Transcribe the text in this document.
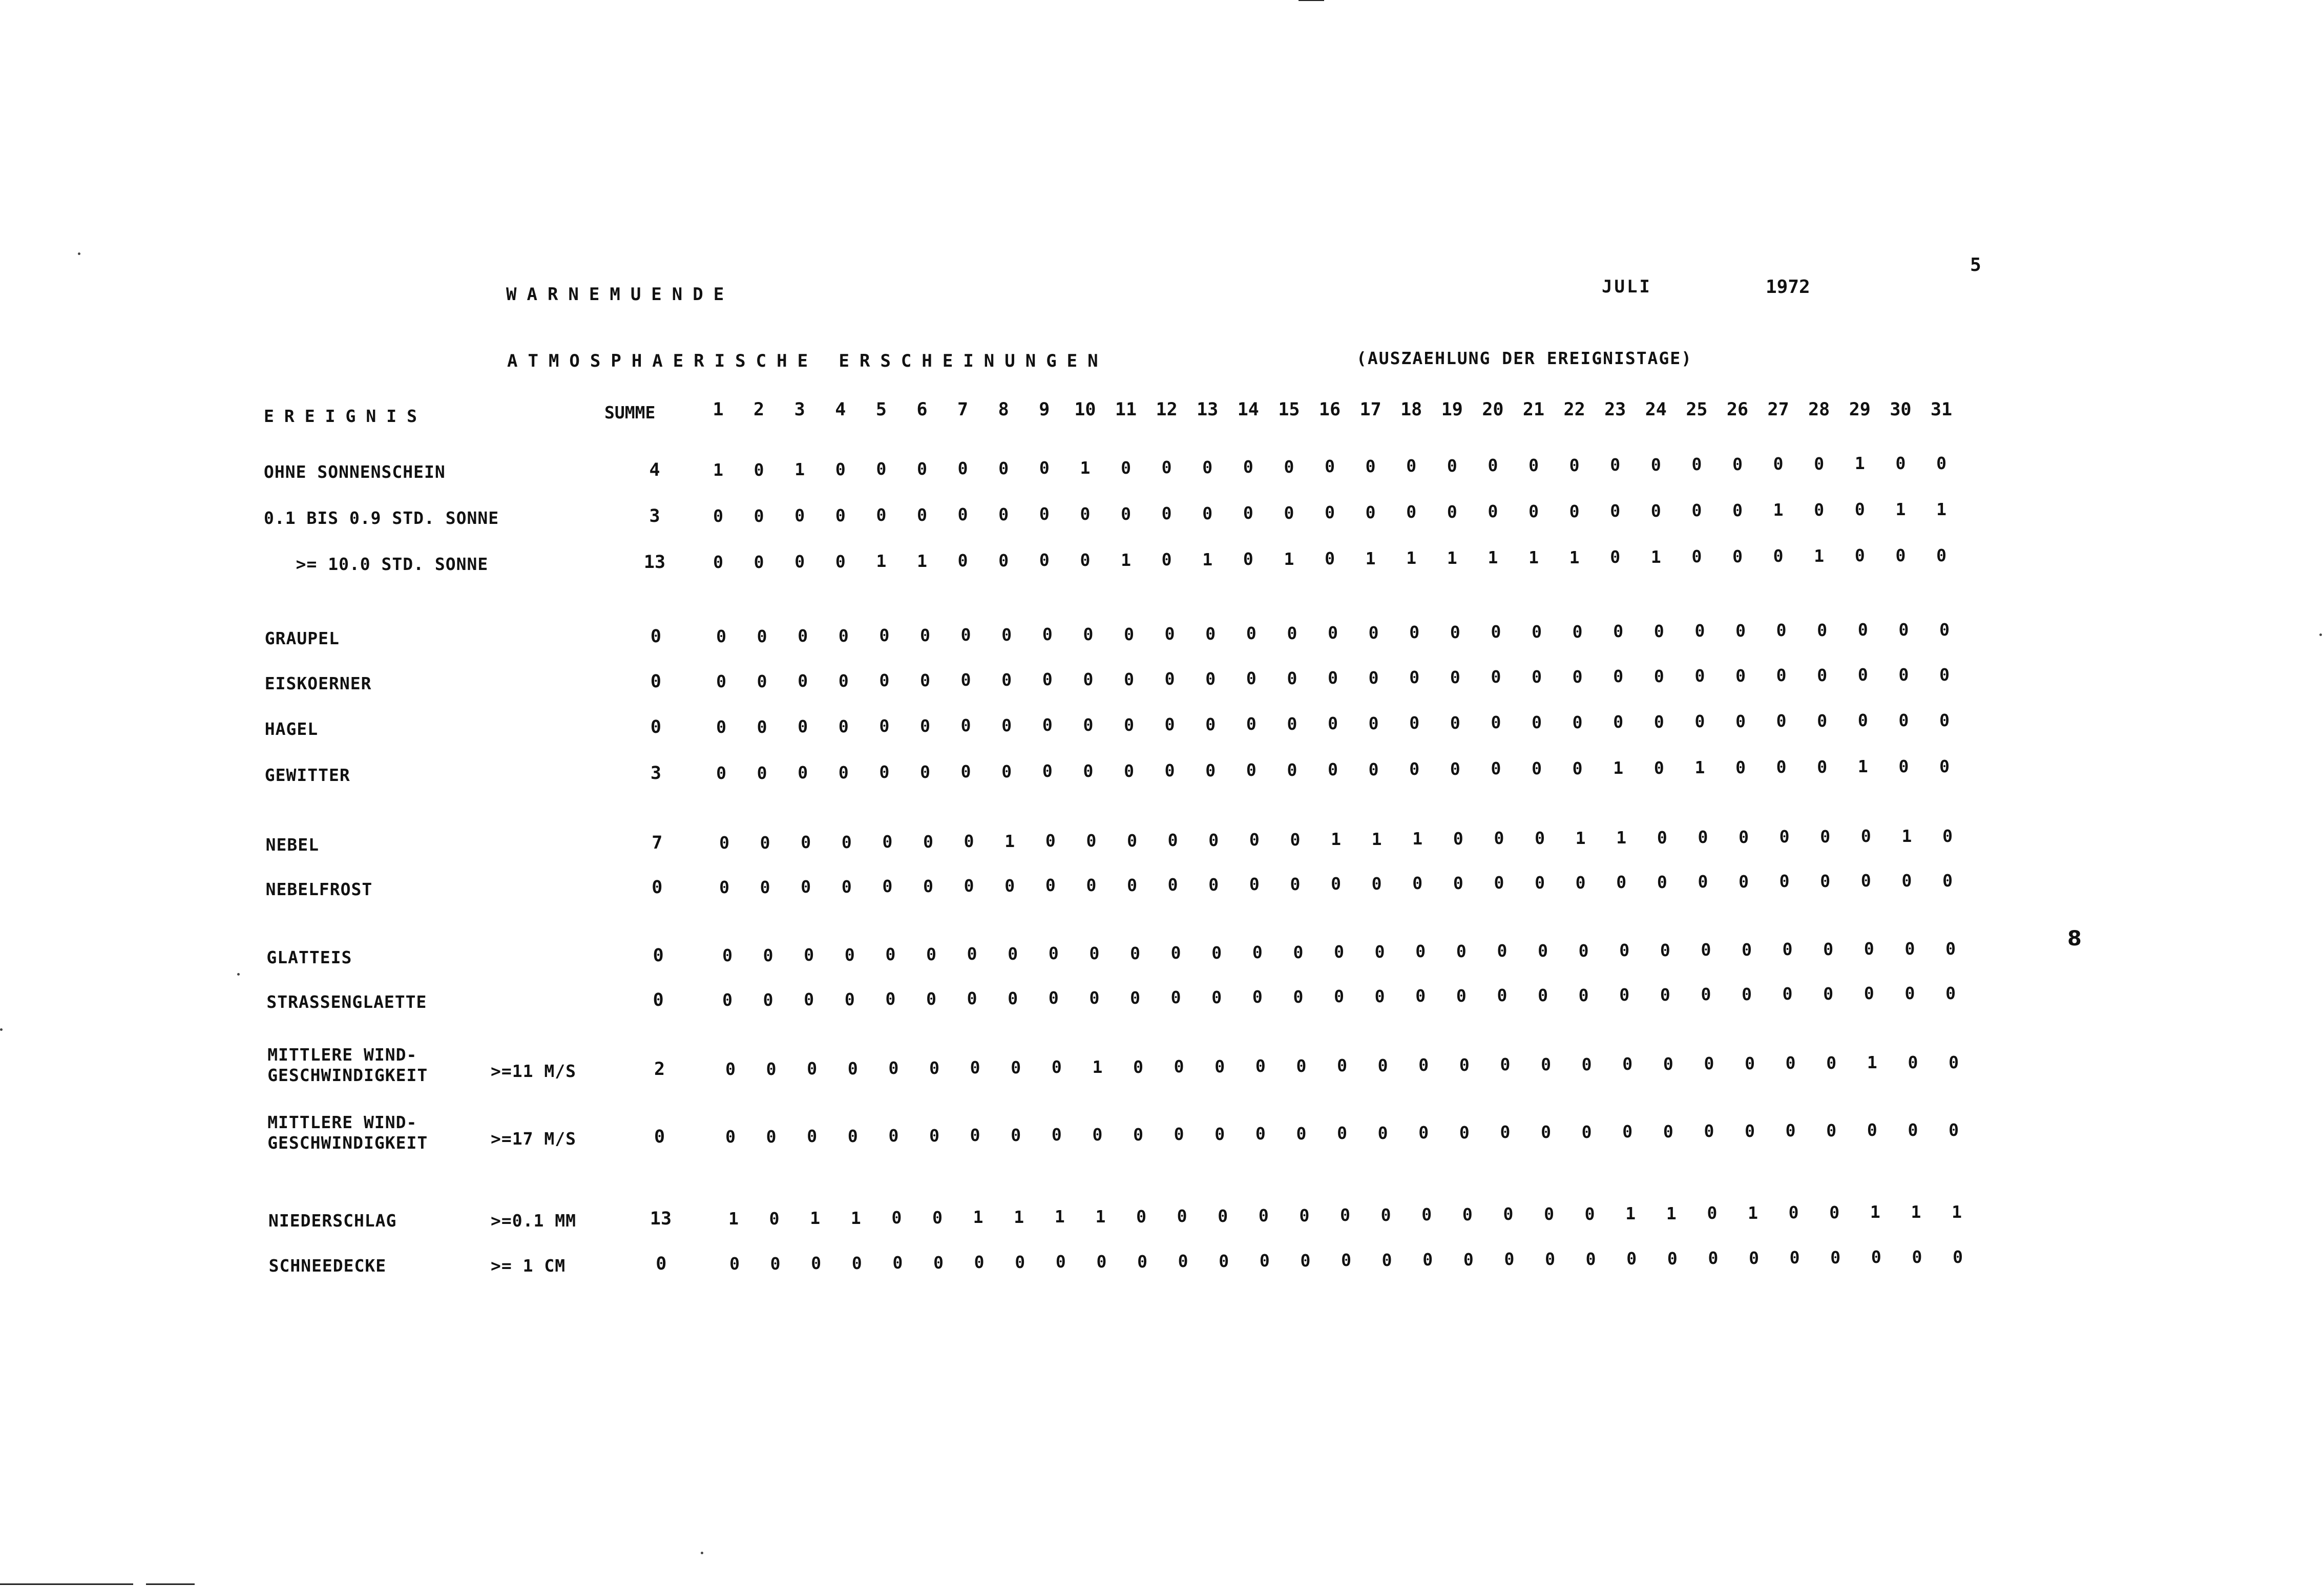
WARNEMUENDE	JULI	1972
5
ATMOSPHAERISCHE ERSCHEINUNGEN	(AUSZAEHLUNG DER EREIGNISTAGE)
EREIGNIS	SUMME
8
1	2	3	4	5	6	7	8	9	10	11	12	13	14	15	16	17	18	19	20	21	22	23	24	25	26	27	28	29	30	31
OHNE SONNENSCHEIN	4	1	0	1	0	0	0	0	0	0	1	0	0	0	0	0	0	0	0	0	0	0	0	0	0	0	0	0	0	1	0	0
0.1 BIS 0.9 STD. SONNE	3	0	0	0	0	0	0	0	0	0	0	0	0	0	0	0	0	0	0	0	0	0	0	0	0	0	0	1	0	0	1	1
>= 10.0 STD. SONNE	13	0	0	0	0	1	1	0	0	0	0	1	0	1	0	1	0	1	1	1	1	1	1	0	1	0	0	0	1	0	0	0
GRAUPEL	0	0	0	0	0	0	0	0	0	0	0	0	0	0	0	0	0	0	0	0	0	0	0	0	0	0	0	0	0	0	0	0
EISKOERNER	0	0	0	0	0	0	0	0	0	0	0	0	0	0	0	0	0	0	0	0	0	0	0	0	0	0	0	0	0	0	0	0
HAGEL	0	0	0	0	0	0	0	0	0	0	0	0	0	0	0	0	0	0	0	0	0	0	0	0	0	0	0	0	0	0	0	0
GEWITTER	3	0	0	0	0	0	0	0	0	0	0	0	0	0	0	0	0	0	0	0	0	0	0	1	0	1	0	0	0	1	0	0
NEBEL	7	0	0	0	0	0	0	0	1	0	0	0	0	0	0	0	1	1	1	0	0	0	1	1	0	0	0	0	0	0	1	0
NEBELFROST	0	0	0	0	0	0	0	0	0	0	0	0	0	0	0	0	0	0	0	0	0	0	0	0	0	0	0	0	0	0	0	0
GLATTEIS	0	0	0	0	0	0	0	0	0	0	0	0	0	0	0	0	0	0	0	0	0	0	0	0	0	0	0	0	0	0	0	0
STRASSENGLAETTE	0	0	0	0	0	0	0	0	0	0	0	0	0	0	0	0	0	0	0	0	0	0	0	0	0	0	0	0	0	0	0	0
MITTLERE WIND-
GESCHWINDIGKEIT	>=11 M/S	2	0	0	0	0	0	0	0	0	0	1	0	0	0	0	0	0	0	0	0	0	0	0	0	0	0	0	0	0	1	0	0
MITTLERE WIND-
GESCHWINDIGKEIT	>=17 M/S	0	0	0	0	0	0	0	0	0	0	0	0	0	0	0	0	0	0	0	0	0	0	0	0	0	0	0	0	0	0	0	0
NIEDERSCHLAG	>=0.1 MM	13	1	0	1	1	0	0	1	1	1	1	0	0	0	0	0	0	0	0	0	0	0	0	1	1	0	1	0	0	1	1	1
SCHNEEDECKE	>= 1 CM	0	0	0	0	0	0	0	0	0	0	0	0	0	0	0	0	0	0	0	0	0	0	0	0	0	0	0	0	0	0	0	0
